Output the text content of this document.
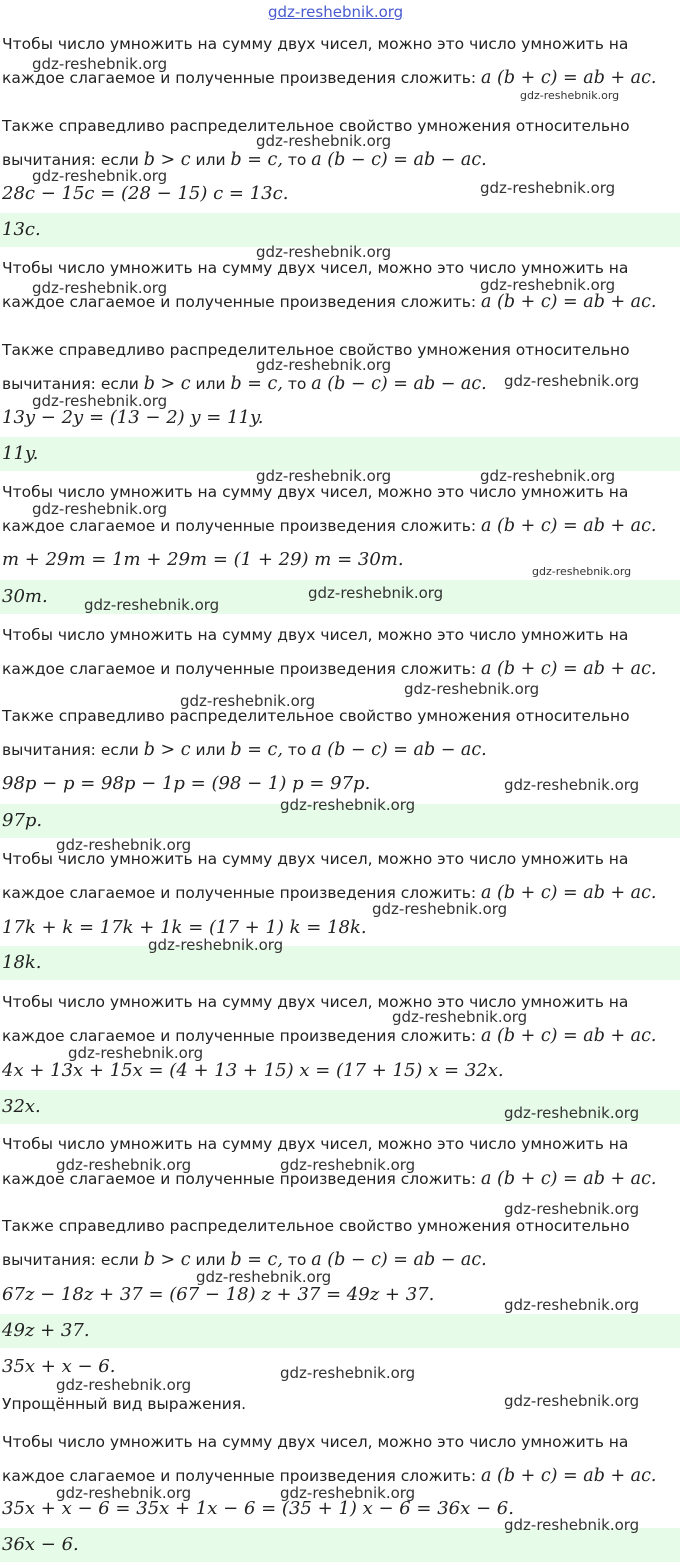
gdz-reshebnik.org
Чтобы число умножить на сумму двух чисел, можно это число умножить на
каждое слагаемое и полученные произведения сложить: a (b + c) = ab + ac.
Также справедливо распределительное свойство умножения относительно
вычитания: если b > c или b = c, то a (b − c) = ab − ac.
28c − 15c = (28 − 15) c = 13c.
13c.
Чтобы число умножить на сумму двух чисел, можно это число умножить на
каждое слагаемое и полученные произведения сложить: a (b + c) = ab + ac.
Также справедливо распределительное свойство умножения относительно
вычитания: если b > c или b = c, то a (b − c) = ab − ac.
13y − 2y = (13 − 2) y = 11y.
11y.
Чтобы число умножить на сумму двух чисел, можно это число умножить на
каждое слагаемое и полученные произведения сложить: a (b + c) = ab + ac.
m + 29m = 1m + 29m = (1 + 29) m = 30m.
30m.
Чтобы число умножить на сумму двух чисел, можно это число умножить на
каждое слагаемое и полученные произведения сложить: a (b + c) = ab + ac.
Также справедливо распределительное свойство умножения относительно
вычитания: если b > c или b = c, то a (b − c) = ab − ac.
98p − p = 98p − 1p = (98 − 1) p = 97p.
97p.
Чтобы число умножить на сумму двух чисел, можно это число умножить на
каждое слагаемое и полученные произведения сложить: a (b + c) = ab + ac.
17k + k = 17k + 1k = (17 + 1) k = 18k.
18k.
Чтобы число умножить на сумму двух чисел, можно это число умножить на
каждое слагаемое и полученные произведения сложить: a (b + c) = ab + ac.
4x + 13x + 15x = (4 + 13 + 15) x = (17 + 15) x = 32x.
32x.
Чтобы число умножить на сумму двух чисел, можно это число умножить на
каждое слагаемое и полученные произведения сложить: a (b + c) = ab + ac.
Также справедливо распределительное свойство умножения относительно
вычитания: если b > c или b = c, то a (b − c) = ab − ac.
67z − 18z + 37 = (67 − 18) z + 37 = 49z + 37.
49z + 37.
35x + x − 6.
Упрощённый вид выражения.
Чтобы число умножить на сумму двух чисел, можно это число умножить на
каждое слагаемое и полученные произведения сложить: a (b + c) = ab + ac.
35x + x − 6 = 35x + 1x − 6 = (35 + 1) x − 6 = 36x − 6.
36x − 6.
gdz-reshebnik.org
gdz-reshebnik.org
gdz-reshebnik.org
gdz-reshebnik.org
gdz-reshebnik.org
gdz-reshebnik.org
gdz-reshebnik.org	gdz-reshebnik.org
gdz-reshebnik.org
gdz-reshebnik.org
gdz-reshebnik.org
gdz-reshebnik.org	gdz-reshebnik.org
gdz-reshebnik.org
gdz-reshebnik.org
gdz-reshebnik.org
gdz-reshebnik.org
gdz-reshebnik.org
gdz-reshebnik.org
gdz-reshebnik.org
gdz-reshebnik.org
gdz-reshebnik.org
gdz-reshebnik.org
gdz-reshebnik.org
gdz-reshebnik.org
gdz-reshebnik.org
gdz-reshebnik.org
gdz-reshebnik.org	gdz-reshebnik.org
gdz-reshebnik.org
gdz-reshebnik.org
gdz-reshebnik.org
gdz-reshebnik.org
gdz-reshebnik.org
gdz-reshebnik.org
gdz-reshebnik.org	gdz-reshebnik.org
gdz-reshebnik.org
